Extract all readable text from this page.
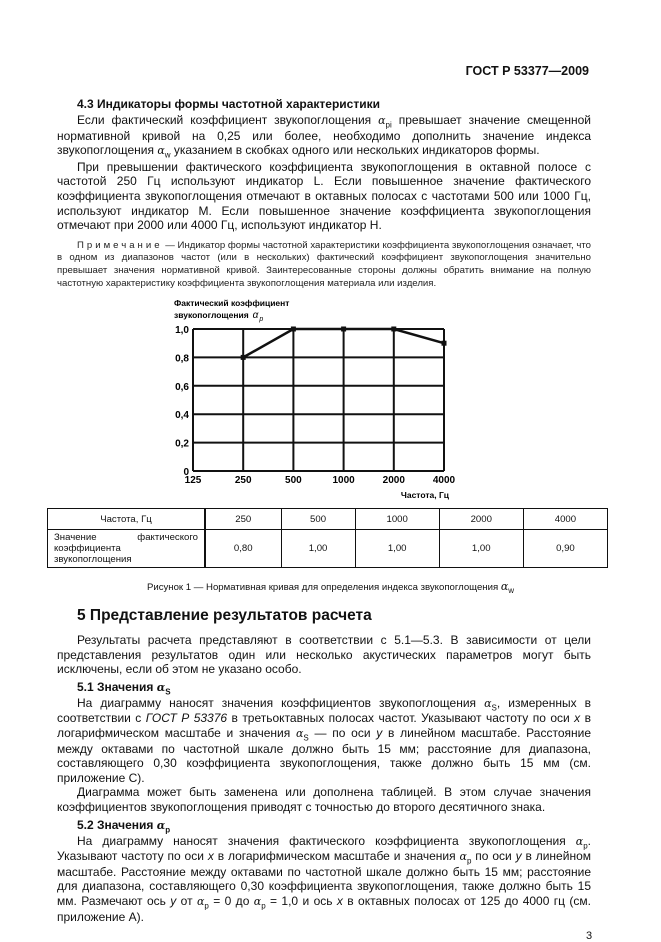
ГОСТ Р 53377—2009
4.3 Индикаторы формы частотной характеристики

Если фактический коэффициент звукопоглощения $\alpha_{pi}$ превышает значение смещенной нормативной кривой на 0,25 или более, необходимо дополнить значение индекса звукопоглощения $\alpha_w$ указанием в скобках одного или нескольких индикаторов формы.

При превышении фактического коэффициента звукопоглощения в октавной полосе с частотой 250 Гц используют индикатор L. Если повышенное значение фактического коэффициента звукопоглощения отмечают в октавных полосах с частотами 500 или 1000 Гц, используют индикатор М. Если повышенное значение коэффициента звукопоглощения отмечают при 2000 или 4000 Гц, используют индикатор Н.

Примечание — Индикатор формы частотной характеристики коэффициента звукопоглощения означает, что в одном из диапазонов частот (или в нескольких) фактический коэффициент звукопоглощения значительно превышает значения нормативной кривой. Заинтересованные стороны должны обратить внимание на полную частотную характеристику коэффициента звукопоглощения материала или изделия.

0
0,2
0,4
0,6
0,8
1,0
125	250	500	1000	2000	4000
Фактический коэффициент
звукопоглощения α p
Частота, Гц
Частота, Гц	250	500	1000	2000	4000
Значение фактического коэффициента звукопоглощения	0,80	1,00	1,00	1,00	0,90
Рисунок 1 — Нормативная кривая для определения индекса звукопоглощения $\alpha_w$
5 Представление результатов расчета

Результаты расчета представляют в соответствии с 5.1—5.3. В зависимости от цели представления результатов один или несколько акустических параметров могут быть исключены, если об этом не указано особо.

5.1 Значения $\alpha_S$

На диаграмму наносят значения коэффициентов звукопоглощения $\alpha_S$, измеренных в соответствии с ГОСТ Р 53376 в третьоктавных полосах частот. Указывают частоту по оси х в логарифмическом масштабе и значения $\alpha_S$ — по оси у в линейном масштабе. Расстояние между октавами по частотной шкале должно быть 15 мм; расстояние для диапазона, составляющего 0,30 коэффициента звукопоглощения, также должно быть 15 мм (см. приложение С).

Диаграмма может быть заменена или дополнена таблицей. В этом случае значения коэффициентов звукопоглощения приводят с точностью до второго десятичного знака.

5.2 Значения $\alpha_p$

На диаграмму наносят значения фактического коэффициента звукопоглощения $\alpha_p$. Указывают частоту по оси х в логарифмическом масштабе и значения $\alpha_p$ по оси у в линейном масштабе. Расстояние между октавами по частотной шкале должно быть 15 мм; расстояние для диапазона, составляющего 0,30 коэффициента звукопоглощения, также должно быть 15 мм. Размечают ось у от $\alpha_p = 0$ до $\alpha_p = 1,0$ и ось х в октавных полосах от 125 до 4000 гц (см. приложение А).

3
